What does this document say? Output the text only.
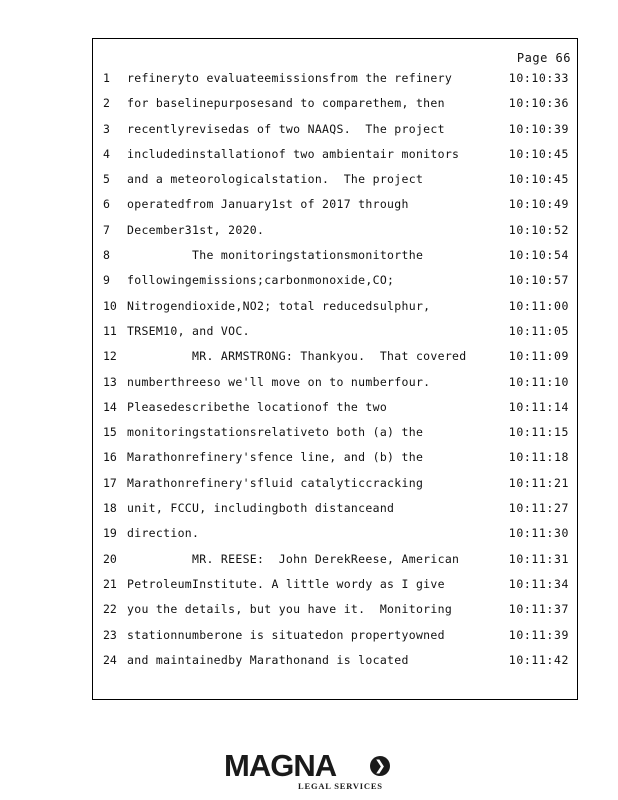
Page 66
1	refineryto evaluateemissionsfrom the refinery	10:10:33
2	for baselinepurposesand to comparethem, then	10:10:36
3	recentlyrevisedas of two NAAQS.  The project	10:10:39
4	includedinstallationof two ambientair monitors	10:10:45
5	and a meteorologicalstation.  The project	10:10:45
6	operatedfrom January1st of 2017 through	10:10:49
7	December31st, 2020.	10:10:52
8	The monitoringstationsmonitorthe	10:10:54
9	followingemissions;carbonmonoxide,CO;	10:10:57
10 Nitrogendioxide,NO2; total reducedsulphur,	10:11:00
11 TRSEM10, and VOC.	10:11:05
12 MR. ARMSTRONG: Thankyou.  That covered	10:11:09
13 numberthreeso we'll move on to numberfour.	10:11:10
14 Pleasedescribethe locationof the two	10:11:14
15 monitoringstationsrelativeto both (a) the	10:11:15
16 Marathonrefinery'sfence line, and (b) the	10:11:18
17 Marathonrefinery'sfluid catalyticcracking	10:11:21
18 unit, FCCU, includingboth distanceand	10:11:27
19 direction.	10:11:30
20 MR. REESE:  John DerekReese, American	10:11:31
21 PetroleumInstitute. A little wordy as I give	10:11:34
22 you the details, but you have it.  Monitoring	10:11:37
23 stationnumberone is situatedon propertyowned	10:11:39
24 and maintainedby Marathonand is located	10:11:42
MAGNA	❯
LEGAL SERVICES
